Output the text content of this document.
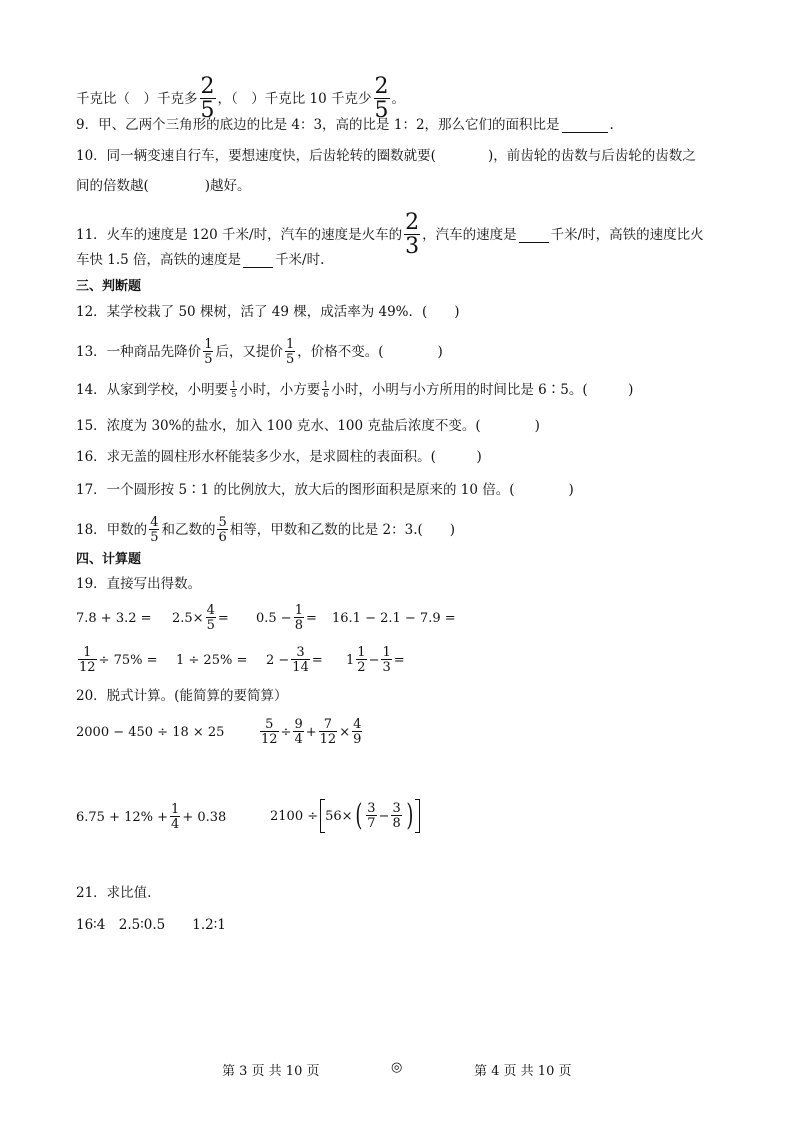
千克比（　）千克多 $\frac{2}{5}$ ，（　）千克比 10 千克少 $\frac{2}{5}$ 。
9．甲、乙两个三角形的底边的比是 4：3，高的比是 1：2，那么它们的面积比是	.
10．同一辆变速自行车，要想速度快，后齿轮转的圈数就要(	)，前齿轮的齿数与后齿轮的齿数之
间的倍数越(	)越好。
11．火车的速度是 120 千米/时，汽车的速度是火车的 $\frac{2}{3}$ ，汽车的速度是	千米/时，高铁的速度比火
车快 1.5 倍，高铁的速度是	千米/时.
三、判断题
12．某学校栽了 50 棵树，活了 49 棵，成活率为 49%．(　　)
13．一种商品先降价 $\frac{1}{5}$ 后，又提价 $\frac{1}{5}$ ，价格不变。(　　　　)
14．从家到学校，小明要 $\frac{1}{5}$ 小时，小方要 $\frac{1}{6}$ 小时，小明与小方所用的时间比是 6∶5。(　　　)
15．浓度为 30%的盐水，加入 100 克水、100 克盐后浓度不变。(　　　　)
16．求无盖的圆柱形水杯能装多少水，是求圆柱的表面积。(　　　)
17．一个圆形按 5∶1 的比例放大，放大后的图形面积是原来的 10 倍。(　　　　)
18．甲数的 $\frac{4}{5}$ 和乙数的 $\frac{5}{6}$ 相等，甲数和乙数的比是 2：3.(　　)
四、计算题
19．直接写出得数。
$7.8 + 3.2 = 2.5\times \frac{4}{5} = 0.5 - \frac{1}{8} = 16.1 - 2.1 - 7.9$ =
$\frac{1}{12} \div 75\% = 1 \div 25\% = 2 - \frac{3}{14} = 1 \frac{1}{2} - \frac{1}{3}$ =
20．脱式计算。(能简算的要简算）
2000 − 450 ÷ 18 × 25	$\frac{5}{12} \div \frac{9}{4} + \frac{7}{12} \times \frac{4}{9}$
$6.75 + 12\% + \frac{1}{4} + 0.38$	2100 ÷ 56× ( $\frac{3}{7} - \frac{3}{8}$ )
21．求比值.
16∶4　2.5∶0.5　　1.2∶1
第 3 页 共 10 页	◎	第 4 页 共 10 页
